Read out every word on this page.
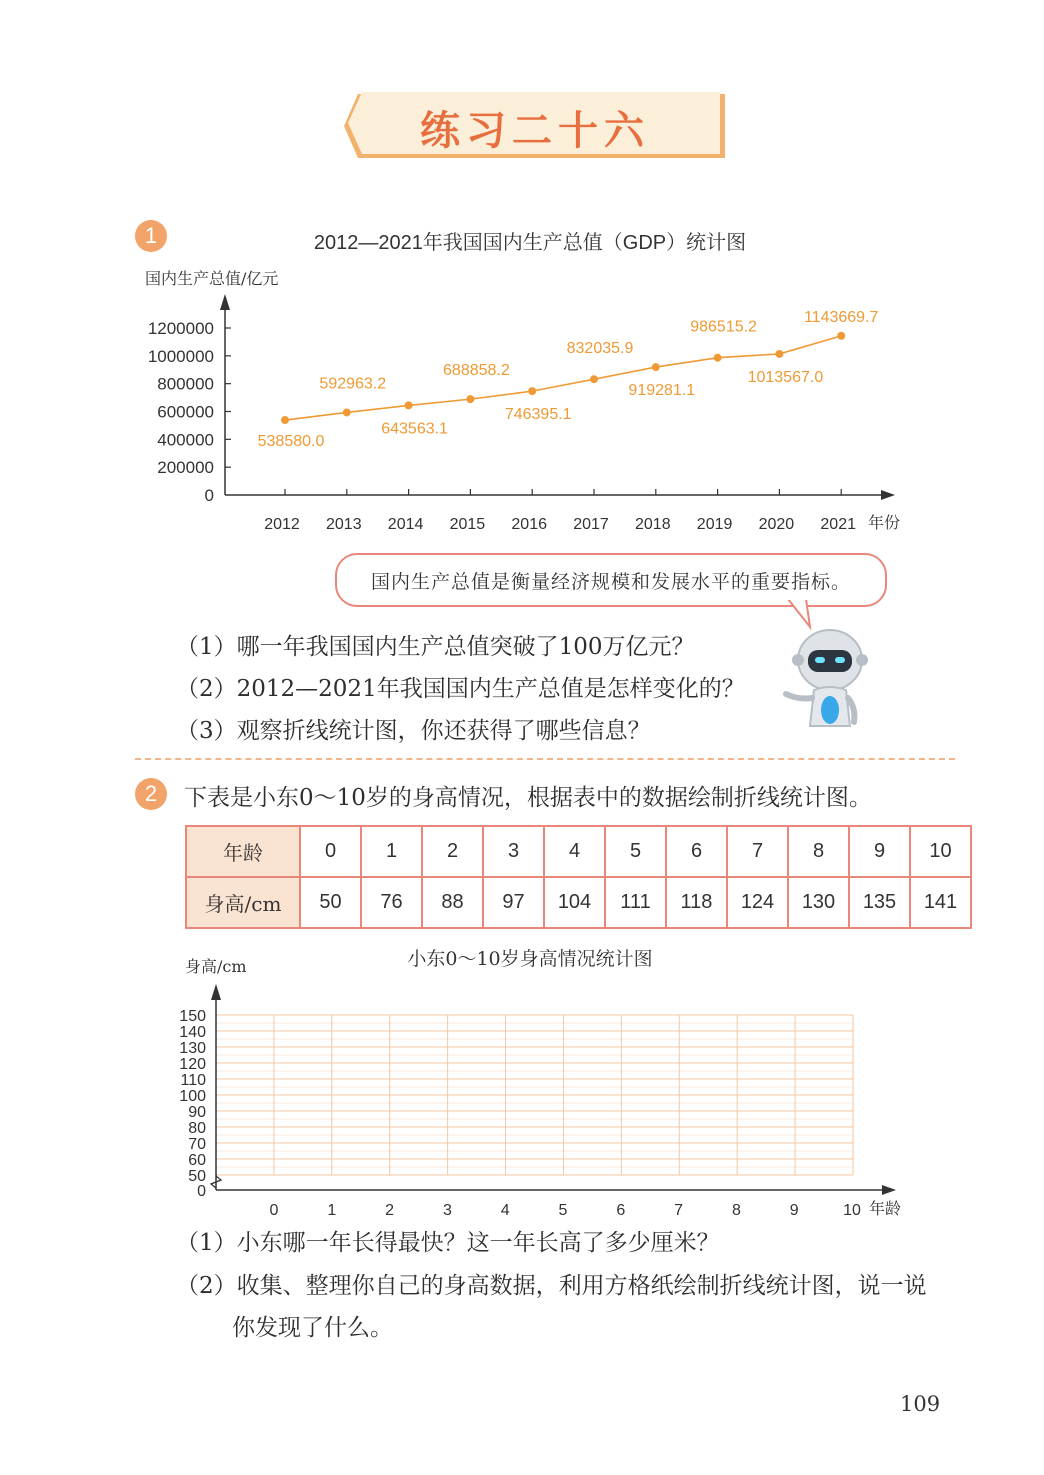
练习二十六
1	2012—2021年我国国内生产总值（GDP）统计图
国内生产总值/亿元
0
200000
400000
600000
800000
1000000
1200000
2012 2013 2014 2015 2016 2017 2018 2019 2020 2021 年份
538580.0
592963.2
643563.1
688858.2
746395.1
832035.9
919281.1
986515.2
1013567.0
1143669.7
国内生产总值是衡量经济规模和发展水平的重要指标。
（1）哪一年我国国内生产总值突破了100万亿元？
（2）2012—2021年我国国内生产总值是怎样变化的？
（3）观察折线统计图，你还获得了哪些信息？
2	下表是小东0～10岁的身高情况，根据表中的数据绘制折线统计图。
年龄	0	1	2	3	4	5	6	7	8	9	10
身高/cm	50	76	88	97	104	111	118	124	130	135	141
小东0～10岁身高情况统计图
身高/cm
0
50
60
70
80
90
100
110
120
130
140
150
0	1	2	3	4	5	6	7	8	9	10 年龄
（1）小东哪一年长得最快？这一年长高了多少厘米？
（2）收集、整理你自己的身高数据，利用方格纸绘制折线统计图，说一说
你发现了什么。
109
